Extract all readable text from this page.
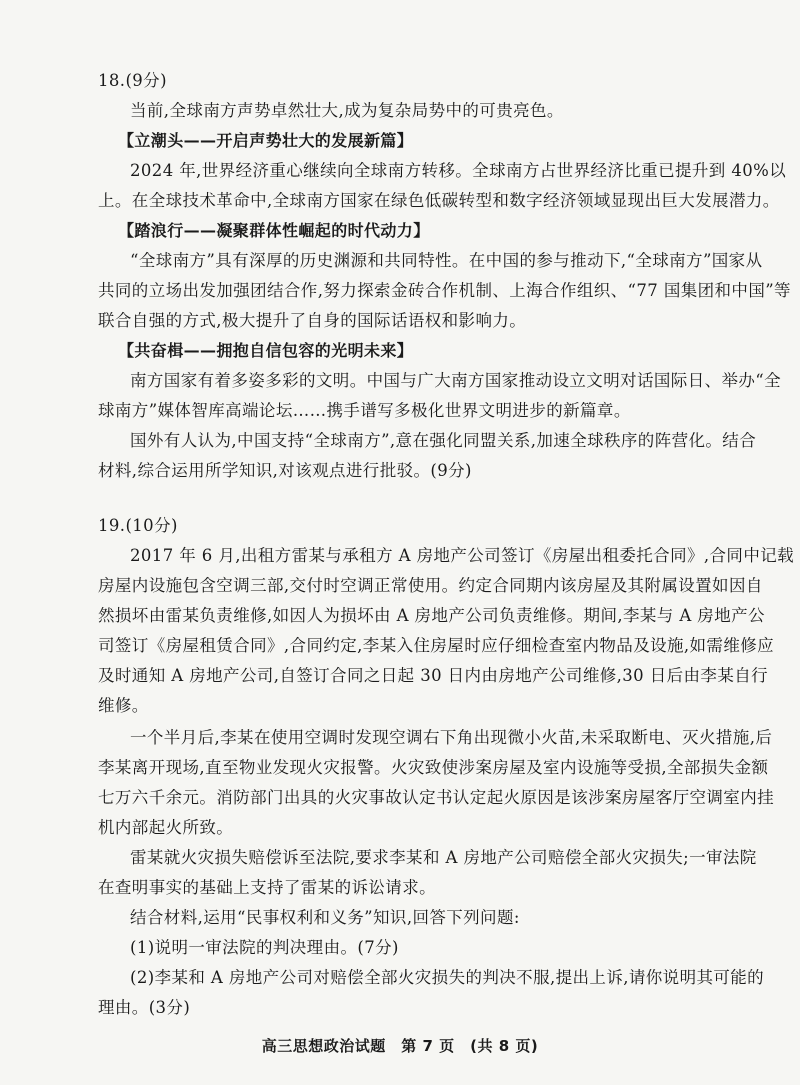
18.(9分)
当前,全球南方声势卓然壮大,成为复杂局势中的可贵亮色。
【立潮头——开启声势壮大的发展新篇】
2024 年,世界经济重心继续向全球南方转移。全球南方占世界经济比重已提升到 40%以
上。在全球技术革命中,全球南方国家在绿色低碳转型和数字经济领域显现出巨大发展潜力。
【踏浪行——凝聚群体性崛起的时代动力】
“全球南方”具有深厚的历史渊源和共同特性。在中国的参与推动下,“全球南方”国家从
共同的立场出发加强团结合作,努力探索金砖合作机制、上海合作组织、“77 国集团和中国”等
联合自强的方式,极大提升了自身的国际话语权和影响力。
【共奋楫——拥抱自信包容的光明未来】
南方国家有着多姿多彩的文明。中国与广大南方国家推动设立文明对话国际日、举办“全
球南方”媒体智库高端论坛……携手谱写多极化世界文明进步的新篇章。
国外有人认为,中国支持“全球南方”,意在强化同盟关系,加速全球秩序的阵营化。结合
材料,综合运用所学知识,对该观点进行批驳。(9分)
19.(10分)
2017 年 6 月,出租方雷某与承租方 A 房地产公司签订《房屋出租委托合同》,合同中记载
房屋内设施包含空调三部,交付时空调正常使用。约定合同期内该房屋及其附属设置如因自
然损坏由雷某负责维修,如因人为损坏由 A 房地产公司负责维修。期间,李某与 A 房地产公
司签订《房屋租赁合同》,合同约定,李某入住房屋时应仔细检查室内物品及设施,如需维修应
及时通知 A 房地产公司,自签订合同之日起 30 日内由房地产公司维修,30 日后由李某自行
维修。
一个半月后,李某在使用空调时发现空调右下角出现微小火苗,未采取断电、灭火措施,后
李某离开现场,直至物业发现火灾报警。火灾致使涉案房屋及室内设施等受损,全部损失金额
七万六千余元。消防部门出具的火灾事故认定书认定起火原因是该涉案房屋客厅空调室内挂
机内部起火所致。
雷某就火灾损失赔偿诉至法院,要求李某和 A 房地产公司赔偿全部火灾损失;一审法院
在查明事实的基础上支持了雷某的诉讼请求。
结合材料,运用“民事权利和义务”知识,回答下列问题:
(1)说明一审法院的判决理由。(7分)
(2)李某和 A 房地产公司对赔偿全部火灾损失的判决不服,提出上诉,请你说明其可能的
理由。(3分)
高三思想政治试题　第 7 页　(共 8 页)
